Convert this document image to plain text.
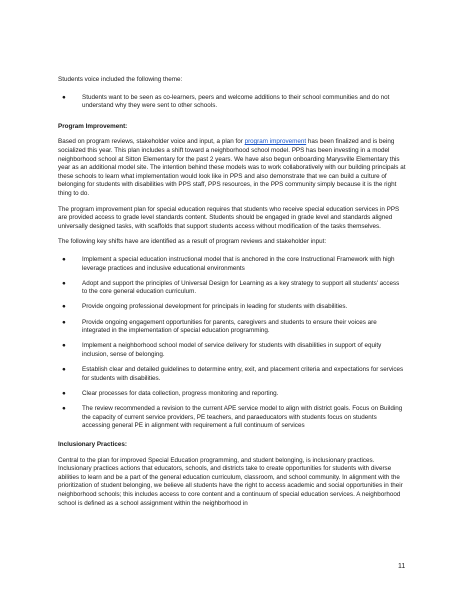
Students voice included the following theme:

●	Students want to be seen as co-learners, peers and welcome additions to their school communities and do not understand why they were sent to other schools.

Program Improvement:

Based on program reviews, stakeholder voice and input, a plan for program improvement has been finalized and is being socialized this year. This plan includes a shift toward a neighborhood school model. PPS has been investing in a model neighborhood school at Sitton Elementary for the past 2 years. We have also begun onboarding Marysville Elementary this year as an additional model site. The intention behind these models was to work collaboratively with our building principals at these schools to learn what implementation would look like in PPS and also demonstrate that we can build a culture of belonging for students with disabilities with PPS staff, PPS resources, in the PPS community simply because it is the right thing to do.

The program improvement plan for special education requires that students who receive special education services in PPS are provided access to grade level standards content. Students should be engaged in grade level and standards aligned universally designed tasks, with scaffolds that support students access without modification of the tasks themselves.

The following key shifts have are identified as a result of program reviews and stakeholder input:

●	Implement a special education instructional model that is anchored in the core Instructional Framework with high leverage practices and inclusive educational environments
●	Adopt and support the principles of Universal Design for Learning as a key strategy to support all students' access to the core general education curriculum.
●	Provide ongoing professional development for principals in leading for students with disabilities.
●	Provide ongoing engagement opportunities for parents, caregivers and students to ensure their voices are integrated in the implementation of special education programming.
●	Implement a neighborhood school model of service delivery for students with disabilities in support of equity inclusion, sense of belonging.
●	Establish clear and detailed guidelines to determine entry, exit, and placement criteria and expectations for services for students with disabilities.
●	Clear processes for data collection, progress monitoring and reporting.
●	The review recommended a revision to the current APE service model to align with district goals. Focus on Building the capacity of current service providers, PE teachers, and paraeducators with students focus on students accessing general PE in alignment with requirement a full continuum of services

Inclusionary Practices:

Central to the plan for improved Special Education programming, and student belonging, is inclusionary practices. Inclusionary practices actions that educators, schools, and districts take to create opportunities for students with diverse abilities to learn and be a part of the general education curriculum, classroom, and school community. In alignment with the prioritization of student belonging, we believe all students have the right to access academic and social opportunities in their neighborhood schools; this includes access to core content and a continuum of special education services. A neighborhood school is defined as a school assignment within the neighborhood in

11
